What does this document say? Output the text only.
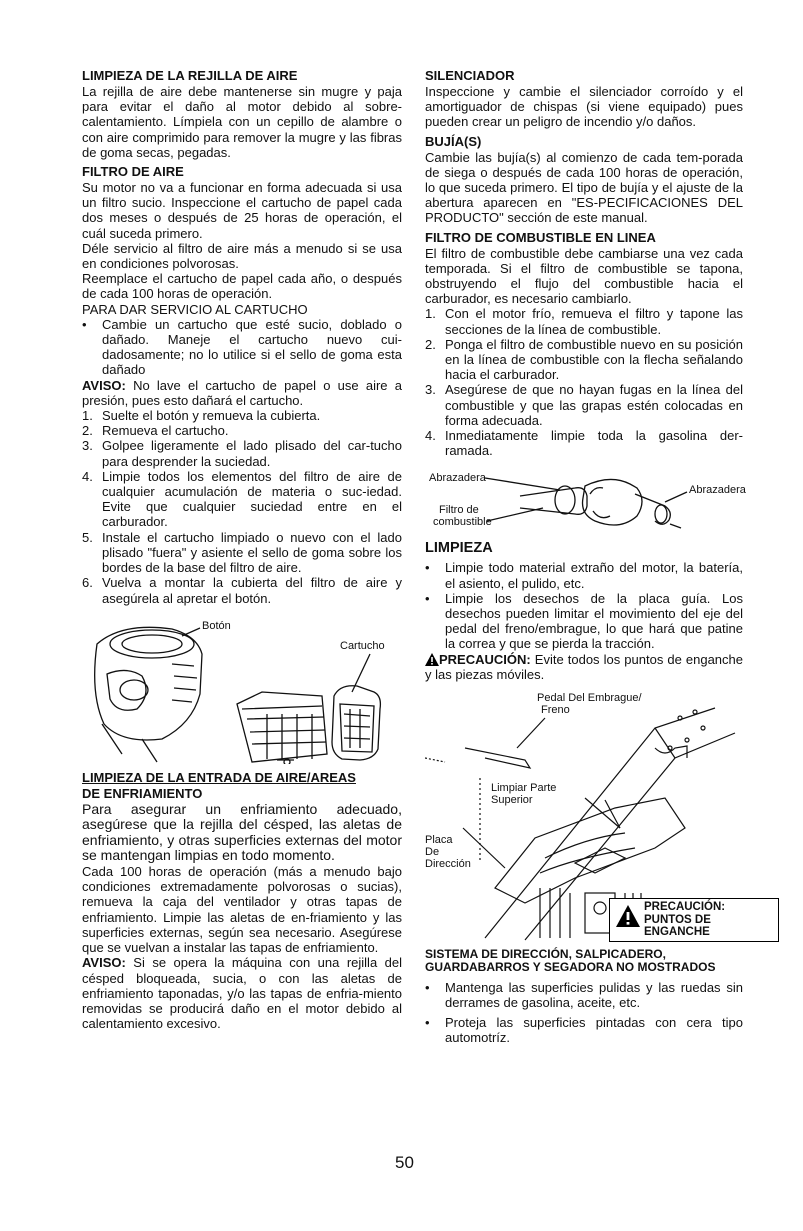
LIMPIEZA DE LA REJILLA DE AIRE

La rejilla de aire debe mantenerse sin mugre y paja para evitar el daño al motor debido al sobre-calentamiento. Límpiela con un cepillo de alambre o con aire comprimido para remover la mugre y las fibras de goma secas, pegadas.

FILTRO DE AIRE

Su motor no va a funcionar en forma adecuada si usa un filtro sucio. Inspeccione el cartucho de papel cada dos meses o después de 25 horas de operación, el cuál suceda primero.

Déle servicio al filtro de aire más a menudo si se usa en condiciones polvorosas.

Reemplace el cartucho de papel cada año, o después de cada 100 horas de operación.

PARA DAR SERVICIO AL CARTUCHO

• Cambie un cartucho que esté sucio, doblado o dañado. Maneje el cartucho nuevo cui-dadosamente; no lo utilice si el sello de goma esta dañado

AVISO: No lave el cartucho de papel o use aire a presión, pues esto dañará el cartucho.

1. Suelte el botón y remueva la cubierta.
2. Remueva el cartucho.
3. Golpee ligeramente el lado plisado del car-tucho para desprender la suciedad.
4. Limpie todos los elementos del filtro de aire de cualquier acumulación de materia o suc-iedad. Evite que cualquier suciedad entre en el carburador.
5. Instale el cartucho limpiado o nuevo con el lado plisado "fuera" y asiente el sello de goma sobre los bordes de la base del filtro de aire.
6. Vuelva a montar la cubierta del filtro de aire y asegúrela al apretar el botón.
Botón
Cartucho
LIMPIEZA DE LA ENTRADA DE AIRE/AREAS
DE ENFRIAMIENTO

Para asegurar un enfriamiento adecuado, asegúrese que la rejilla del césped, las aletas de enfriamiento, y otras superficies externas del motor se mantengan limpias en todo momento.

Cada 100 horas de operación (más a menudo bajo condiciones extremadamente polvorosas o sucias), remueva la caja del ventilador y otras tapas de enfriamiento. Limpie las aletas de en-friamiento y las superficies externas, según sea necesario. Asegúrese que se vuelvan a instalar las tapas de enfriamiento.

AVISO: Si se opera la máquina con una rejilla del césped bloqueada, sucia, o con las aletas de enfriamiento taponadas, y/o las tapas de enfria-miento removidas se producirá daño en el motor debido al calentamiento excesivo.

SILENCIADOR

Inspeccione y cambie el silenciador corroído y el amortiguador de chispas (si viene equipado) pues pueden crear un peligro de incendio y/o daños.

BUJÍA(S)

Cambie las bujía(s) al comienzo de cada tem-porada de siega o después de cada 100 horas de operación, lo que suceda primero. El tipo de bujía y el ajuste de la abertura aparecen en "ES-PECIFICACIONES DEL PRODUCTO" sección de este manual.

FILTRO DE COMBUSTIBLE EN LINEA

El filtro de combustible debe cambiarse una vez cada temporada. Si el filtro de combustible se tapona, obstruyendo el flujo del combustible hacia el carburador, es necesario cambiarlo.

1. Con el motor frío, remueva el filtro y tapone las secciones de la línea de combustible.
2. Ponga el filtro de combustible nuevo en su posición en la línea de combustible con la flecha señalando hacia el carburador.
3. Asegúrese de que no hayan fugas en la línea del combustible y que las grapas estén colocadas en forma adecuada.
4. Inmediatamente limpie toda la gasolina der-ramada.
Abrazadera
Abrazadera
Filtro de
combustible
LIMPIEZA
• Limpie todo material extraño del motor, la batería, el asiento, el pulido, etc.
• Limpie los desechos de la placa guía. Los desechos pueden limitar el movimiento del eje del pedal del freno/embrague, lo que hará que patine la correa y que se pierda la tracción.

PRECAUCIÓN: Evite todos los puntos de enganche y las piezas móviles.

Pedal Del Embrague/
Freno
Limpiar Parte
Superior
Placa
De
Dirección
PRECAUCIÓN:
PUNTOS DE
ENGANCHE

SISTEMA DE DIRECCIÓN, SALPICADERO,
GUARDABARROS Y SEGADORA NO MOSTRADOS

• Mantenga las superficies pulidas y las ruedas sin derrames de gasolina, aceite, etc.
• Proteja las superficies pintadas con cera tipo automotríz.
50
